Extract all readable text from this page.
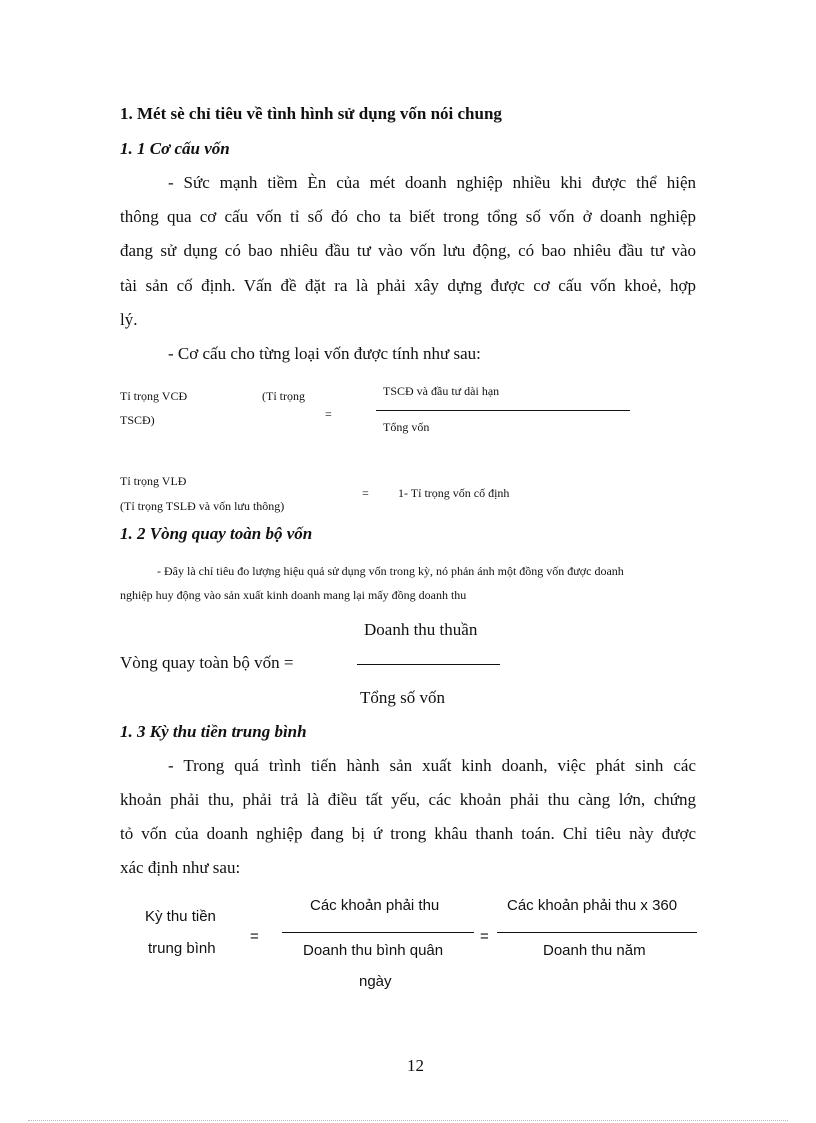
1. Mét sè chỉ tiêu về tình hình sử dụng vốn nói chung
1. 1 Cơ cấu vốn
- Sức mạnh tiềm Èn của mét doanh nghiệp nhiều khi được thể hiện
thông qua cơ cấu vốn tỉ số đó cho ta biết trong tổng số vốn ở doanh nghiệp
đang sử dụng có bao nhiêu đầu tư vào vốn lưu động, có bao nhiêu đầu tư vào
tài sản cố định. Vấn đề đặt ra là phải xây dựng được cơ cấu vốn khoẻ, hợp
lý.
- Cơ cấu cho từng loại vốn được tính như sau:
Tỉ trọng VCĐ	(Tỉ trọng
TSCĐ)	=
TSCĐ và đầu tư dài hạn
Tổng vốn
Tỉ trọng VLĐ
(Tỉ trọng TSLĐ và vốn lưu thông)
= 1- Tỉ trọng vốn cố định
1. 2 Vòng quay toàn bộ vốn
- Đây là chỉ tiêu đo lượng hiệu quả sử dụng vốn trong kỳ, nó phản ánh một đồng vốn được doanh
nghiệp huy động vào sản xuất kinh doanh mang lại mấy đồng doanh thu
Doanh thu thuần
Vòng quay toàn bộ vốn =
Tổng số vốn
1. 3 Kỳ thu tiền trung bình
- Trong quá trình tiến hành sản xuất kinh doanh, việc phát sinh các
khoản phải thu, phải trả là điều tất yếu, các khoản phải thu càng lớn, chứng
tỏ vốn của doanh nghiệp đang bị ứ trong khâu thanh toán. Chỉ tiêu này được
xác định như sau:
Kỳ thu tiền
trung bình
=
Các khoản phải thu
Doanh thu bình quân
ngày
=
Các khoản phải thu x 360
Doanh thu năm
12
